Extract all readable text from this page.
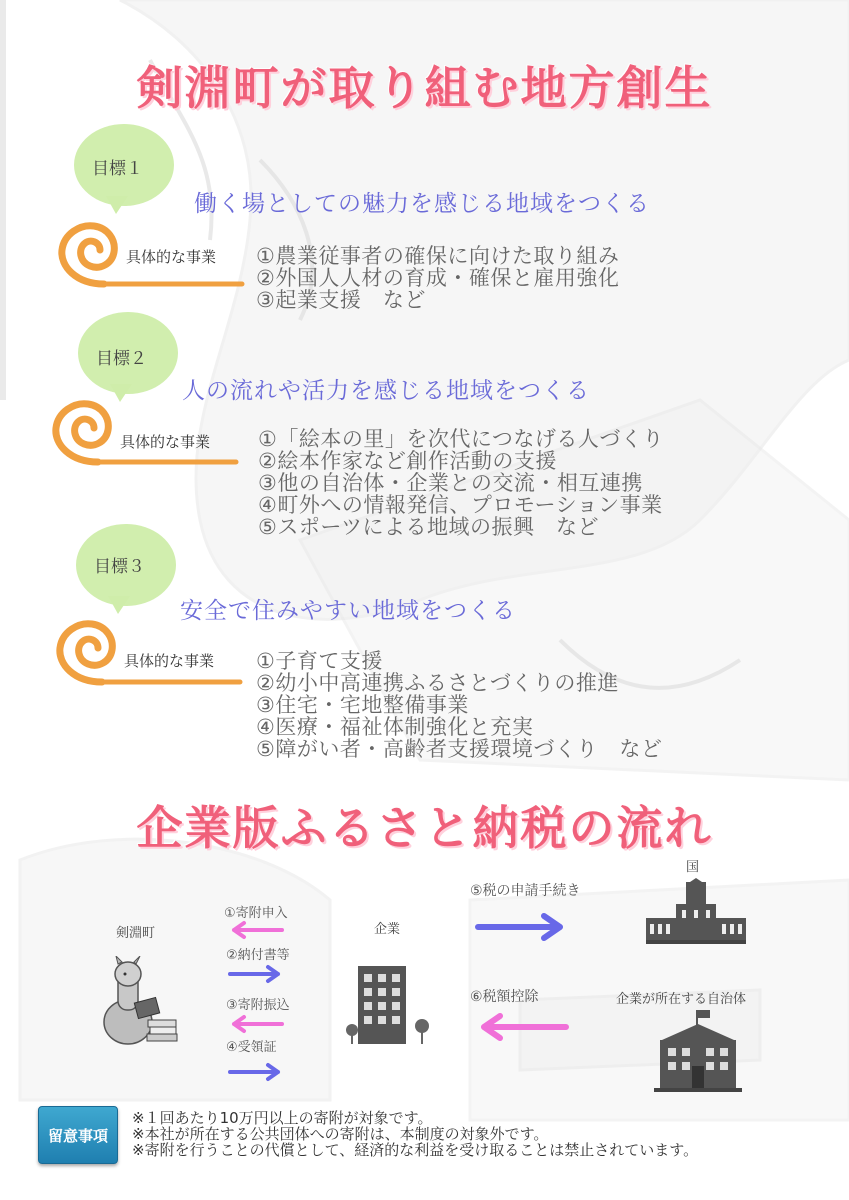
剣淵町が取り組む地方創生
目標１
働く場としての魅力を感じる地域をつくる
具体的な事業 ①農業従事者の確保に向けた取り組み
②外国人人材の育成・確保と雇用強化
③起業支援　など
目標２
人の流れや活力を感じる地域をつくる
具体的な事業 ①「絵本の里」を次代につなげる人づくり
②絵本作家など創作活動の支援
③他の自治体・企業との交流・相互連携
④町外への情報発信、プロモーション事業
⑤スポーツによる地域の振興　など
目標３
安全で住みやすい地域をつくる
具体的な事業 ①子育て支援
②幼小中高連携ふるさとづくりの推進
③住宅・宅地整備事業
④医療・福祉体制強化と充実
⑤障がい者・高齢者支援環境づくり　など
企業版ふるさと納税の流れ
剣淵町	企業
国
企業が所在する自治体
①寄附申入
②納付書等
③寄附振込
④受領証
⑤税の申請手続き
⑥税額控除
留意事項
※１回あたり10万円以上の寄附が対象です。
※本社が所在する公共団体への寄附は、本制度の対象外です。
※寄附を行うことの代償として、経済的な利益を受け取ることは禁止されています。
